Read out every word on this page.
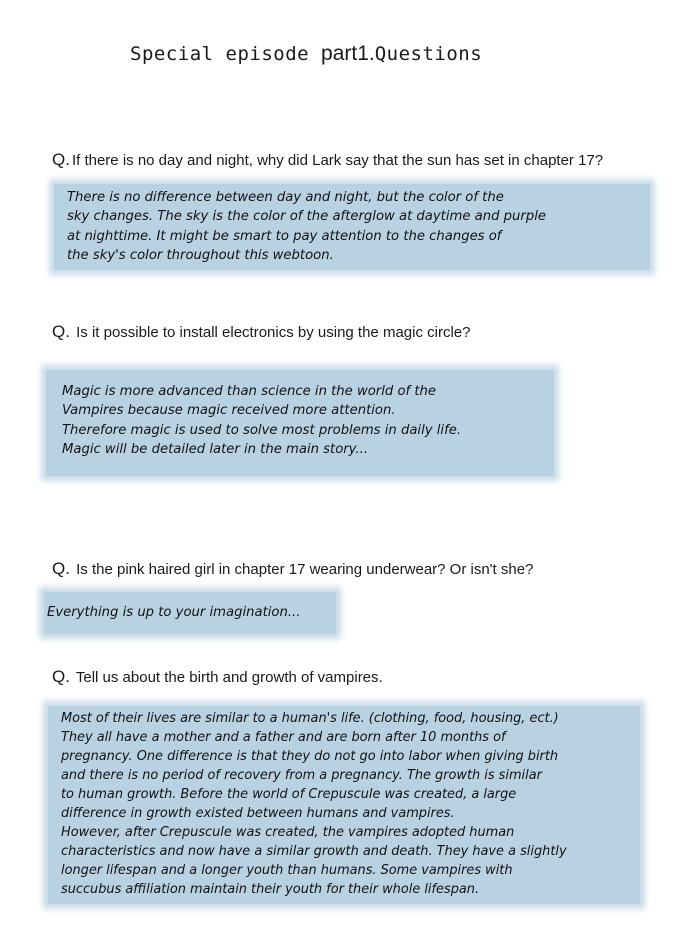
Special episode part1.Questions
Q. If there is no day and night, why did Lark say that the sun has set in chapter 17?
There is no difference between day and night, but the color of the
sky changes. The sky is the color of the afterglow at daytime and purple
at nighttime. It might be smart to pay attention to the changes of
the sky's color throughout this webtoon.
Q. Is it possible to install electronics by using the magic circle?
Magic is more advanced than science in the world of the
Vampires because magic received more attention.
Therefore magic is used to solve most problems in daily life.
Magic will be detailed later in the main story...
Q. Is the pink haired girl in chapter 17 wearing underwear? Or isn't she?
Everything is up to your imagination...
Q. Tell us about the birth and growth of vampires.
Most of their lives are similar to a human's life. (clothing, food, housing, ect.)
They all have a mother and a father and are born after 10 months of
pregnancy. One difference is that they do not go into labor when giving birth
and there is no period of recovery from a pregnancy. The growth is similar
to human growth. Before the world of Crepuscule was created, a large
difference in growth existed between humans and vampires.
However, after Crepuscule was created, the vampires adopted human
characteristics and now have a similar growth and death. They have a slightly
longer lifespan and a longer youth than humans. Some vampires with
succubus affiliation maintain their youth for their whole lifespan.
